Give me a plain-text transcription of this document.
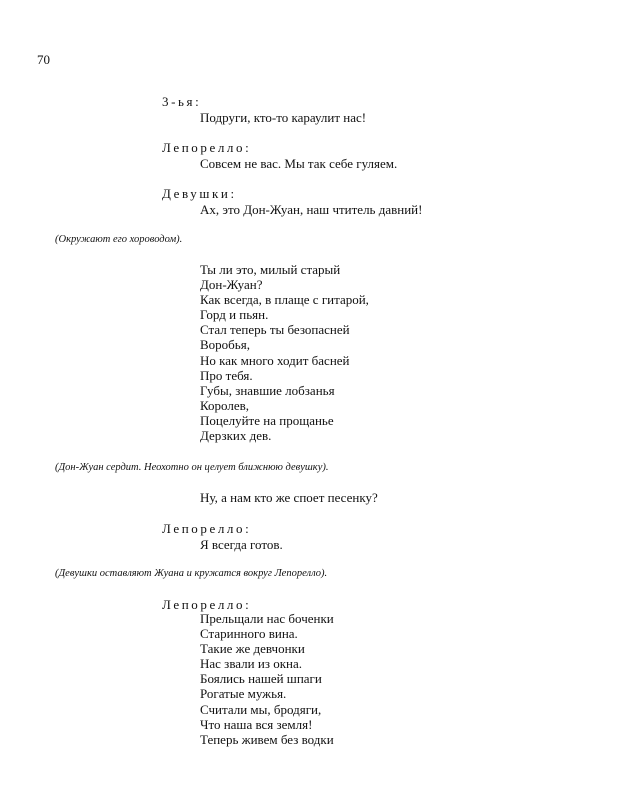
70
3-ья:
Подруги, кто-то караулит нас!
Лепорелло:
Совсем не вас. Мы так себе гуляем.
Девушки:
Ах, это Дон-Жуан, наш чтитель давний!
(Окружают его хороводом).
Ты ли это, милый старый
Дон-Жуан?
Как всегда, в плаще с гитарой,
Горд и пьян.
Стал теперь ты безопасней
Воробья,
Но как много ходит басней
Про тебя.
Губы, знавшие лобзанья
Королев,
Поцелуйте на прощанье
Дерзких дев.
(Дон-Жуан сердит. Неохотно он целует ближнюю девушку).
Ну, а нам кто же споет песенку?
Лепорелло:
Я всегда готов.
(Девушки оставляют Жуана и кружатся вокруг Лепорелло).
Лепорелло:
Прельщали нас боченки
Старинного вина.
Такие же девчонки
Нас звали из окна.
Боялись нашей шпаги
Рогатые мужья.
Считали мы, бродяги,
Что наша вся земля!
Теперь живем без водки
